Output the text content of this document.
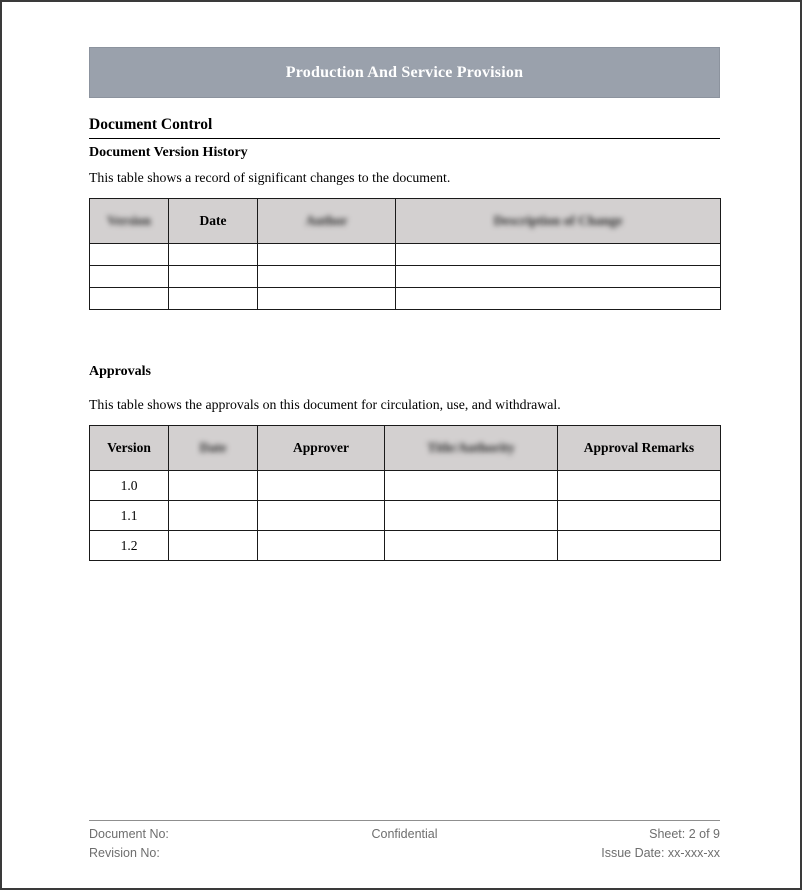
Production And Service Provision
Document Control
Document Version History
This table shows a record of significant changes to the document.
Version	Date	Author	Description of Change

Approvals
This table shows the approvals on this document for circulation, use, and withdrawal.
Version	Date	Approver	Title/Authority	Approval Remarks
1.0				
1.1				
1.2				
Document No:	Confidential	Sheet: 2 of 9
Revision No:	Issue Date: xx-xxx-xx
